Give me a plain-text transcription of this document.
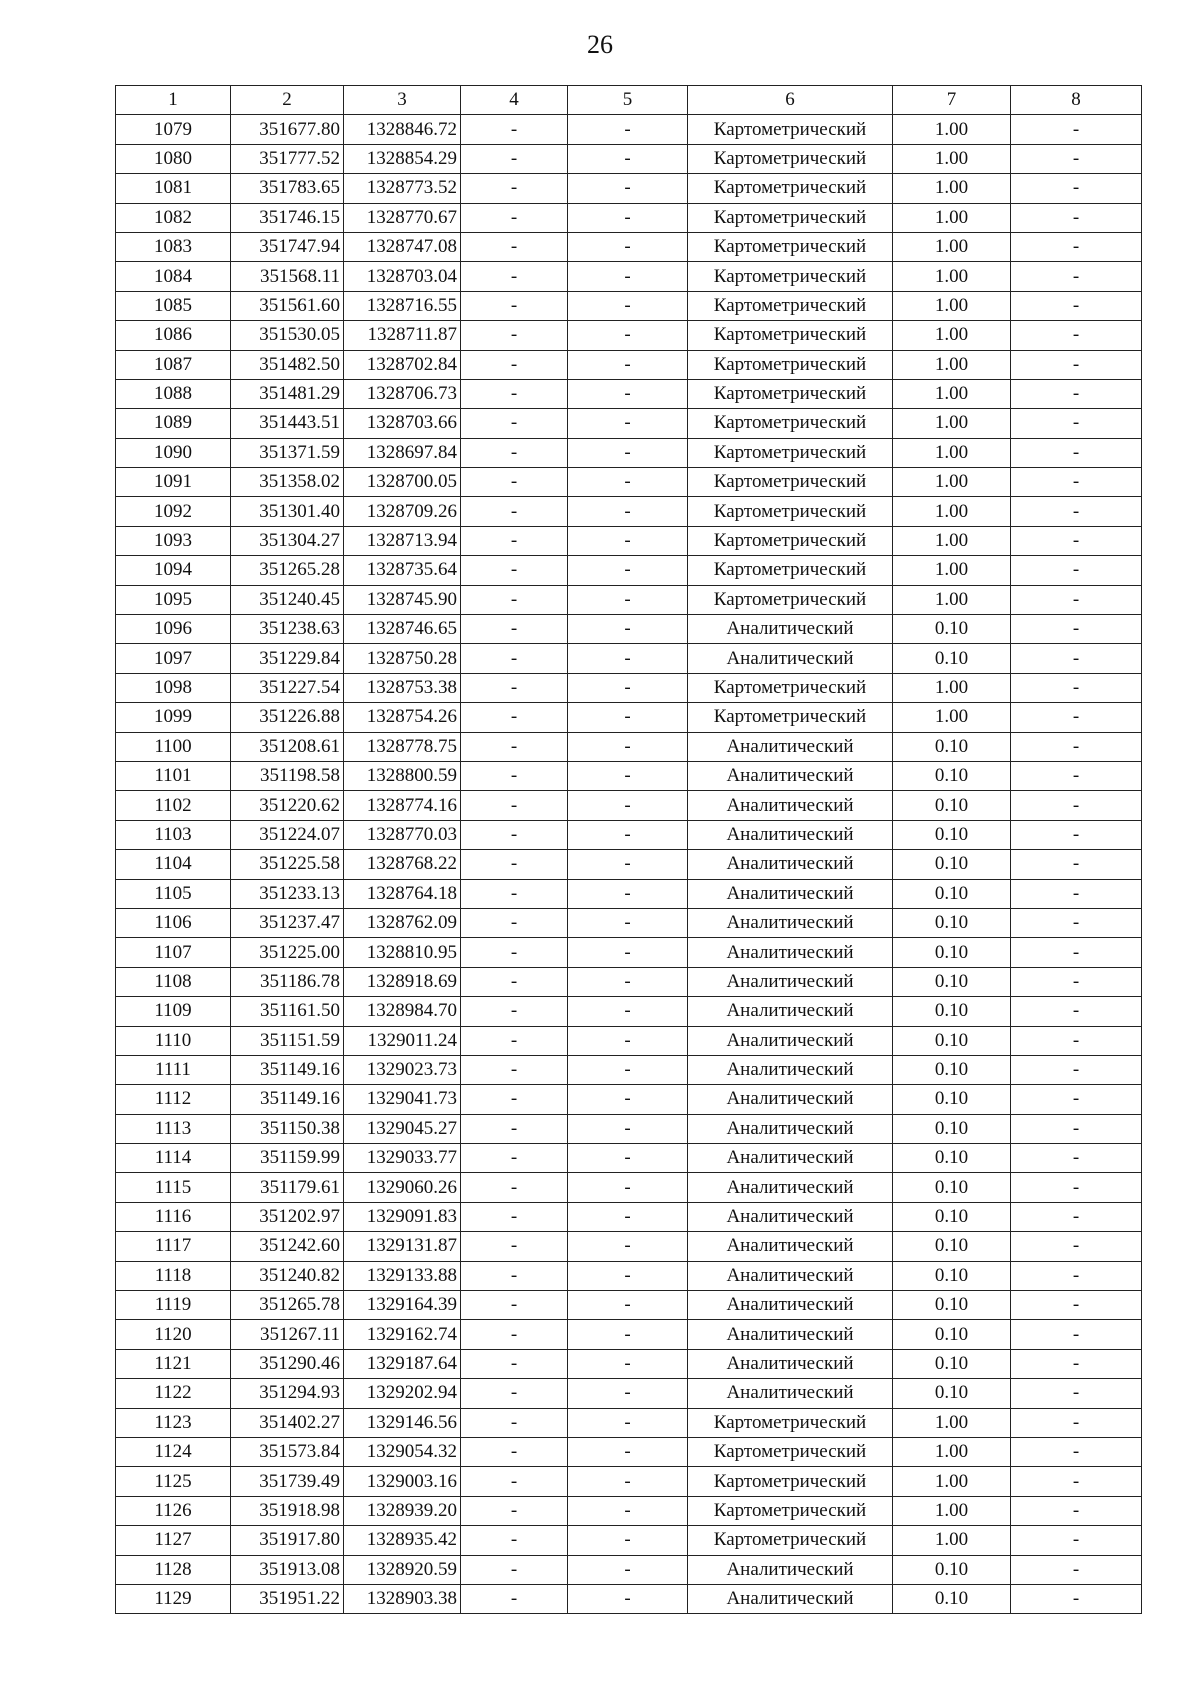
26
1	2	3	4	5	6	7	8
1079	351677.80	1328846.72	-	-	Картометрический	1.00	-
1080	351777.52	1328854.29	-	-	Картометрический	1.00	-
1081	351783.65	1328773.52	-	-	Картометрический	1.00	-
1082	351746.15	1328770.67	-	-	Картометрический	1.00	-
1083	351747.94	1328747.08	-	-	Картометрический	1.00	-
1084	351568.11	1328703.04	-	-	Картометрический	1.00	-
1085	351561.60	1328716.55	-	-	Картометрический	1.00	-
1086	351530.05	1328711.87	-	-	Картометрический	1.00	-
1087	351482.50	1328702.84	-	-	Картометрический	1.00	-
1088	351481.29	1328706.73	-	-	Картометрический	1.00	-
1089	351443.51	1328703.66	-	-	Картометрический	1.00	-
1090	351371.59	1328697.84	-	-	Картометрический	1.00	-
1091	351358.02	1328700.05	-	-	Картометрический	1.00	-
1092	351301.40	1328709.26	-	-	Картометрический	1.00	-
1093	351304.27	1328713.94	-	-	Картометрический	1.00	-
1094	351265.28	1328735.64	-	-	Картометрический	1.00	-
1095	351240.45	1328745.90	-	-	Картометрический	1.00	-
1096	351238.63	1328746.65	-	-	Аналитический	0.10	-
1097	351229.84	1328750.28	-	-	Аналитический	0.10	-
1098	351227.54	1328753.38	-	-	Картометрический	1.00	-
1099	351226.88	1328754.26	-	-	Картометрический	1.00	-
1100	351208.61	1328778.75	-	-	Аналитический	0.10	-
1101	351198.58	1328800.59	-	-	Аналитический	0.10	-
1102	351220.62	1328774.16	-	-	Аналитический	0.10	-
1103	351224.07	1328770.03	-	-	Аналитический	0.10	-
1104	351225.58	1328768.22	-	-	Аналитический	0.10	-
1105	351233.13	1328764.18	-	-	Аналитический	0.10	-
1106	351237.47	1328762.09	-	-	Аналитический	0.10	-
1107	351225.00	1328810.95	-	-	Аналитический	0.10	-
1108	351186.78	1328918.69	-	-	Аналитический	0.10	-
1109	351161.50	1328984.70	-	-	Аналитический	0.10	-
1110	351151.59	1329011.24	-	-	Аналитический	0.10	-
1111	351149.16	1329023.73	-	-	Аналитический	0.10	-
1112	351149.16	1329041.73	-	-	Аналитический	0.10	-
1113	351150.38	1329045.27	-	-	Аналитический	0.10	-
1114	351159.99	1329033.77	-	-	Аналитический	0.10	-
1115	351179.61	1329060.26	-	-	Аналитический	0.10	-
1116	351202.97	1329091.83	-	-	Аналитический	0.10	-
1117	351242.60	1329131.87	-	-	Аналитический	0.10	-
1118	351240.82	1329133.88	-	-	Аналитический	0.10	-
1119	351265.78	1329164.39	-	-	Аналитический	0.10	-
1120	351267.11	1329162.74	-	-	Аналитический	0.10	-
1121	351290.46	1329187.64	-	-	Аналитический	0.10	-
1122	351294.93	1329202.94	-	-	Аналитический	0.10	-
1123	351402.27	1329146.56	-	-	Картометрический	1.00	-
1124	351573.84	1329054.32	-	-	Картометрический	1.00	-
1125	351739.49	1329003.16	-	-	Картометрический	1.00	-
1126	351918.98	1328939.20	-	-	Картометрический	1.00	-
1127	351917.80	1328935.42	-	-	Картометрический	1.00	-
1128	351913.08	1328920.59	-	-	Аналитический	0.10	-
1129	351951.22	1328903.38	-	-	Аналитический	0.10	-
